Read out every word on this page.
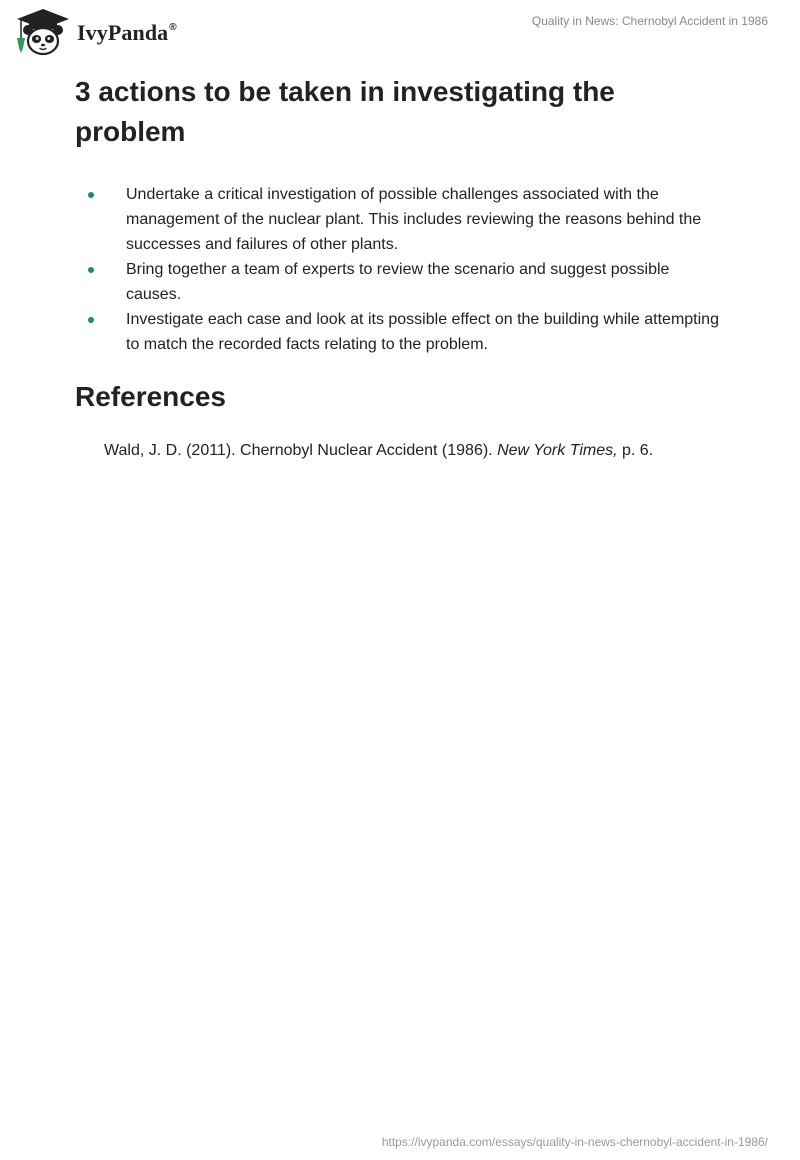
IvyPanda®	Quality in News: Chernobyl Accident in 1986
3 actions to be taken in investigating the problem
Undertake a critical investigation of possible challenges associated with the management of the nuclear plant. This includes reviewing the reasons behind the successes and failures of other plants.
Bring together a team of experts to review the scenario and suggest possible causes.
Investigate each case and look at its possible effect on the building while attempting to match the recorded facts relating to the problem.
References

Wald, J. D. (2011). Chernobyl Nuclear Accident (1986). New York Times, p. 6.

https://ivypanda.com/essays/quality-in-news-chernobyl-accident-in-1986/
